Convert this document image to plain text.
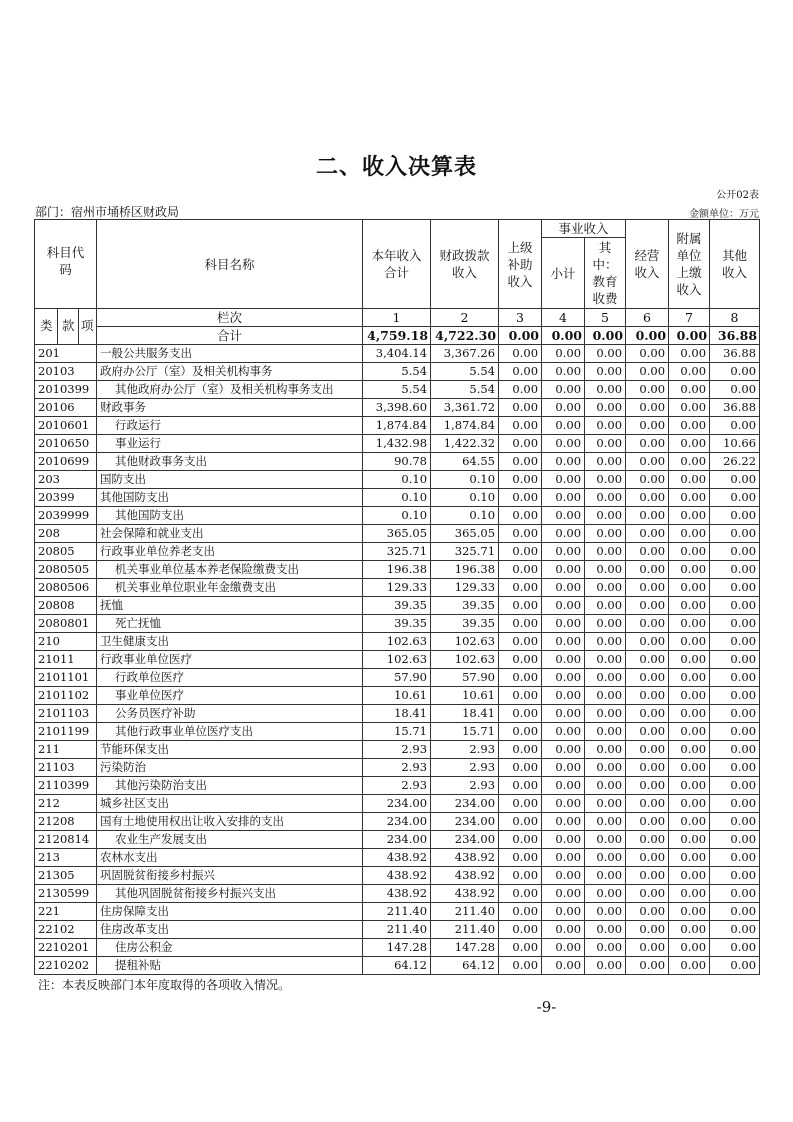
二、收入决算表
公开02表
部门：宿州市埇桥区财政局	金额单位：万元
科目代码			科目名称	本年收入合计	财政拨款收入	上级补助收入	事业收入		经营收入	附属单位上缴收入	其他收入
							小计	其中：教育收费			

类	款	项	栏次	1	2	3	4	5	6	7	8
			合计	4,759.18	4,722.30	0.00	0.00	0.00	0.00	0.00	36.88
201			一般公共服务支出	3,404.14	3,367.26	0.00	0.00	0.00	0.00	0.00	36.88
20103			政府办公厅（室）及相关机构事务	5.54	5.54	0.00	0.00	0.00	0.00	0.00	0.00
2010399			其他政府办公厅（室）及相关机构事务支出	5.54	5.54	0.00	0.00	0.00	0.00	0.00	0.00
20106			财政事务	3,398.60	3,361.72	0.00	0.00	0.00	0.00	0.00	36.88
2010601			行政运行	1,874.84	1,874.84	0.00	0.00	0.00	0.00	0.00	0.00
2010650			事业运行	1,432.98	1,422.32	0.00	0.00	0.00	0.00	0.00	10.66
2010699			其他财政事务支出	90.78	64.55	0.00	0.00	0.00	0.00	0.00	26.22
203			国防支出	0.10	0.10	0.00	0.00	0.00	0.00	0.00	0.00
20399			其他国防支出	0.10	0.10	0.00	0.00	0.00	0.00	0.00	0.00
2039999			其他国防支出	0.10	0.10	0.00	0.00	0.00	0.00	0.00	0.00
208			社会保障和就业支出	365.05	365.05	0.00	0.00	0.00	0.00	0.00	0.00
20805			行政事业单位养老支出	325.71	325.71	0.00	0.00	0.00	0.00	0.00	0.00
2080505			机关事业单位基本养老保险缴费支出	196.38	196.38	0.00	0.00	0.00	0.00	0.00	0.00
2080506			机关事业单位职业年金缴费支出	129.33	129.33	0.00	0.00	0.00	0.00	0.00	0.00
20808			抚恤	39.35	39.35	0.00	0.00	0.00	0.00	0.00	0.00
2080801			死亡抚恤	39.35	39.35	0.00	0.00	0.00	0.00	0.00	0.00
210			卫生健康支出	102.63	102.63	0.00	0.00	0.00	0.00	0.00	0.00
21011			行政事业单位医疗	102.63	102.63	0.00	0.00	0.00	0.00	0.00	0.00
2101101			行政单位医疗	57.90	57.90	0.00	0.00	0.00	0.00	0.00	0.00
2101102			事业单位医疗	10.61	10.61	0.00	0.00	0.00	0.00	0.00	0.00
2101103			公务员医疗补助	18.41	18.41	0.00	0.00	0.00	0.00	0.00	0.00
2101199			其他行政事业单位医疗支出	15.71	15.71	0.00	0.00	0.00	0.00	0.00	0.00
211			节能环保支出	2.93	2.93	0.00	0.00	0.00	0.00	0.00	0.00
21103			污染防治	2.93	2.93	0.00	0.00	0.00	0.00	0.00	0.00
2110399			其他污染防治支出	2.93	2.93	0.00	0.00	0.00	0.00	0.00	0.00
212			城乡社区支出	234.00	234.00	0.00	0.00	0.00	0.00	0.00	0.00
21208			国有土地使用权出让收入安排的支出	234.00	234.00	0.00	0.00	0.00	0.00	0.00	0.00
2120814			农业生产发展支出	234.00	234.00	0.00	0.00	0.00	0.00	0.00	0.00
213			农林水支出	438.92	438.92	0.00	0.00	0.00	0.00	0.00	0.00
21305			巩固脱贫衔接乡村振兴	438.92	438.92	0.00	0.00	0.00	0.00	0.00	0.00
2130599			其他巩固脱贫衔接乡村振兴支出	438.92	438.92	0.00	0.00	0.00	0.00	0.00	0.00
221			住房保障支出	211.40	211.40	0.00	0.00	0.00	0.00	0.00	0.00
22102			住房改革支出	211.40	211.40	0.00	0.00	0.00	0.00	0.00	0.00
2210201			住房公积金	147.28	147.28	0.00	0.00	0.00	0.00	0.00	0.00
2210202			提租补贴	64.12	64.12	0.00	0.00	0.00	0.00	0.00	0.00
注：本表反映部门本年度取得的各项收入情况。
-9-
